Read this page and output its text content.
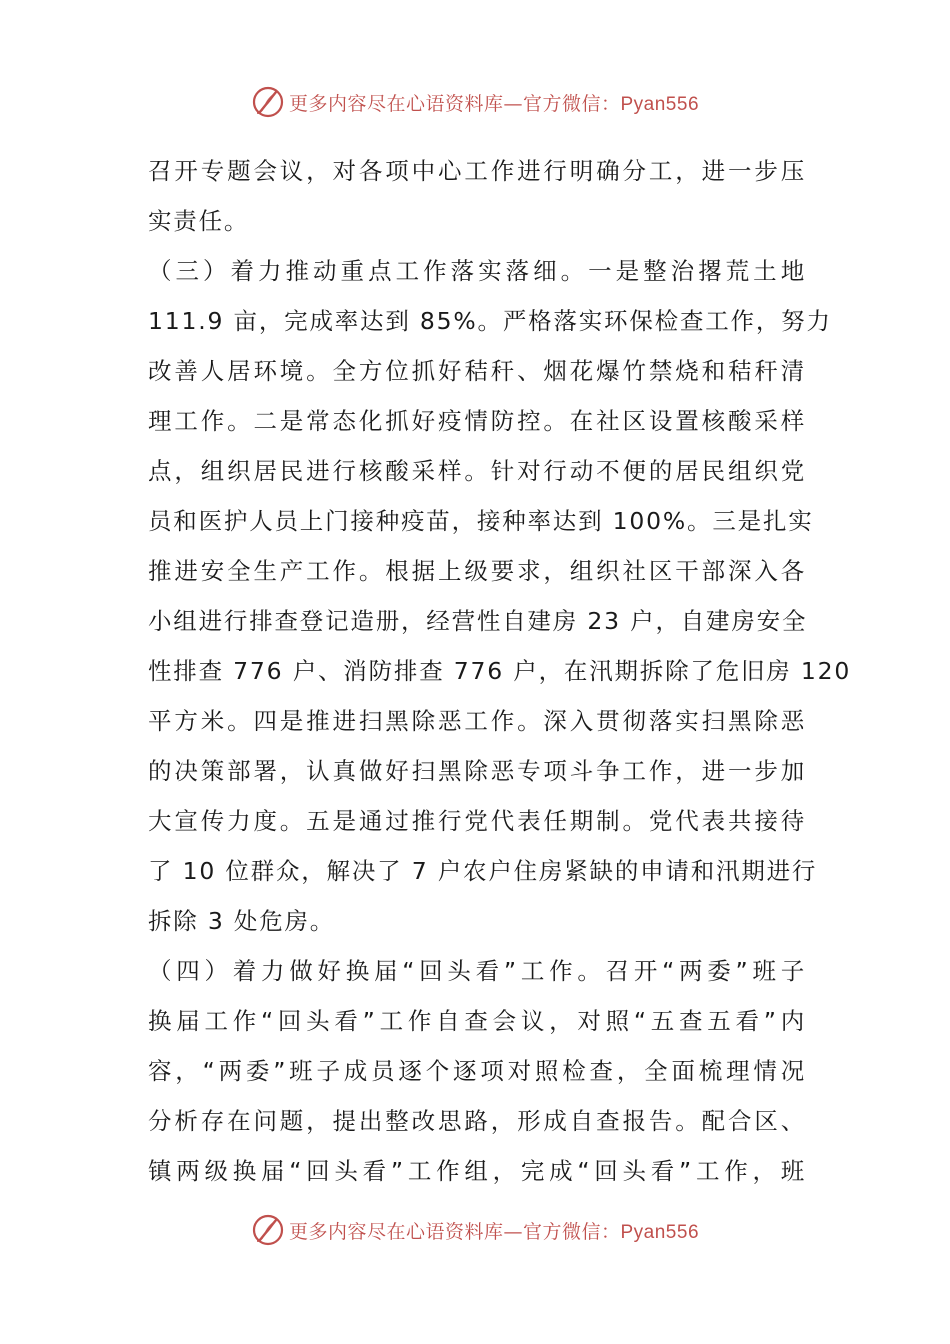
更多内容尽在心语资料库—官方微信：Pyan556
召开专题会议，对各项中心工作进行明确分工，进一步压
实责任。
（三）着力推动重点工作落实落细。一是整治撂荒土地
111.9 亩，完成率达到 85%。严格落实环保检查工作，努力
改善人居环境。全方位抓好秸秆、烟花爆竹禁烧和秸秆清
理工作。二是常态化抓好疫情防控。在社区设置核酸采样
点，组织居民进行核酸采样。针对行动不便的居民组织党
员和医护人员上门接种疫苗，接种率达到 100%。三是扎实
推进安全生产工作。根据上级要求，组织社区干部深入各
小组进行排查登记造册，经营性自建房 23 户，自建房安全
性排查 776 户、消防排查 776 户，在汛期拆除了危旧房 120
平方米。四是推进扫黑除恶工作。深入贯彻落实扫黑除恶
的决策部署，认真做好扫黑除恶专项斗争工作，进一步加
大宣传力度。五是通过推行党代表任期制。党代表共接待
了 10 位群众，解决了 7 户农户住房紧缺的申请和汛期进行
拆除 3 处危房。
（四）着力做好换届“回头看”工作。召开“两委”班子
换届工作“回头看”工作自查会议，对照“五查五看”内
容，“两委”班子成员逐个逐项对照检查，全面梳理情况
分析存在问题，提出整改思路，形成自查报告。配合区、
镇两级换届“回头看”工作组，完成“回头看”工作，班
更多内容尽在心语资料库—官方微信：Pyan556
